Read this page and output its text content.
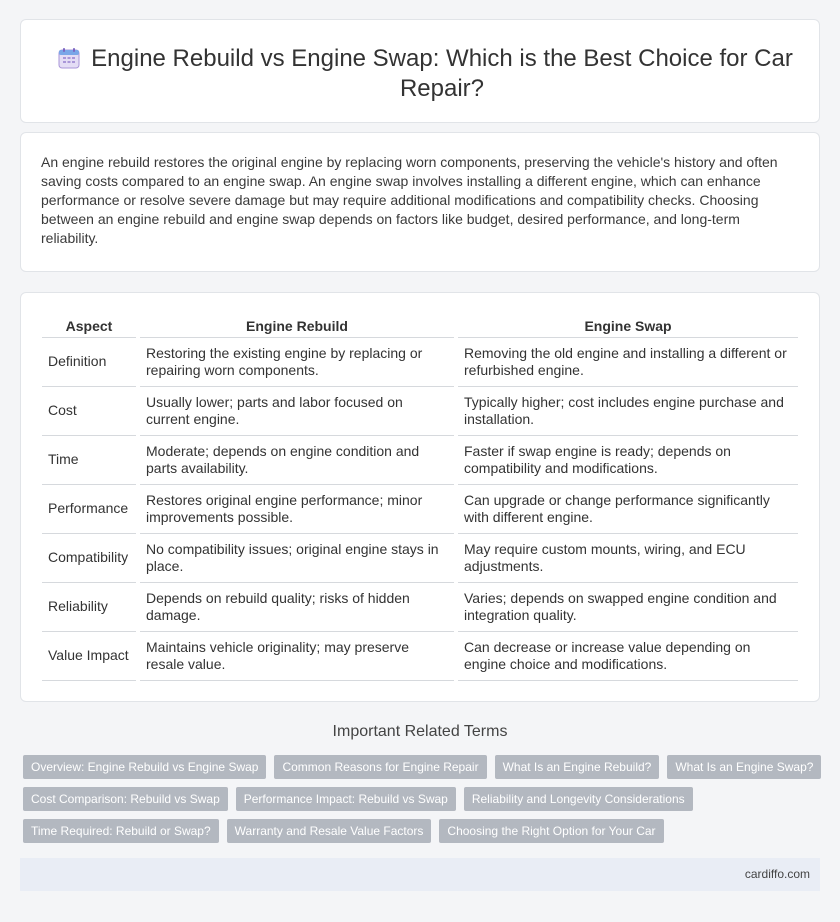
Engine Rebuild vs Engine Swap: Which is the Best Choice for Car Repair?

An engine rebuild restores the original engine by replacing worn components, preserving the vehicle's history and often saving costs compared to an engine swap. An engine swap involves installing a different engine, which can enhance performance or resolve severe damage but may require additional modifications and compatibility checks. Choosing between an engine rebuild and engine swap depends on factors like budget, desired performance, and long-term reliability.

Aspect	Engine Rebuild	Engine Swap
Definition	Restoring the existing engine by replacing or repairing worn components.	Removing the old engine and installing a different or refurbished engine.
Cost	Usually lower; parts and labor focused on current engine.	Typically higher; cost includes engine purchase and installation.
Time	Moderate; depends on engine condition and parts availability.	Faster if swap engine is ready; depends on compatibility and modifications.
Performance	Restores original engine performance; minor improvements possible.	Can upgrade or change performance significantly with different engine.
Compatibility	No compatibility issues; original engine stays in place.	May require custom mounts, wiring, and ECU adjustments.
Reliability	Depends on rebuild quality; risks of hidden damage.	Varies; depends on swapped engine condition and integration quality.
Value Impact	Maintains vehicle originality; may preserve resale value.	Can decrease or increase value depending on engine choice and modifications.
Important Related Terms
Overview: Engine Rebuild vs Engine Swap	Common Reasons for Engine Repair	What Is an Engine Rebuild?	What Is an Engine Swap?
Cost Comparison: Rebuild vs Swap	Performance Impact: Rebuild vs Swap	Reliability and Longevity Considerations
Time Required: Rebuild or Swap?	Warranty and Resale Value Factors	Choosing the Right Option for Your Car
cardiffo.com
